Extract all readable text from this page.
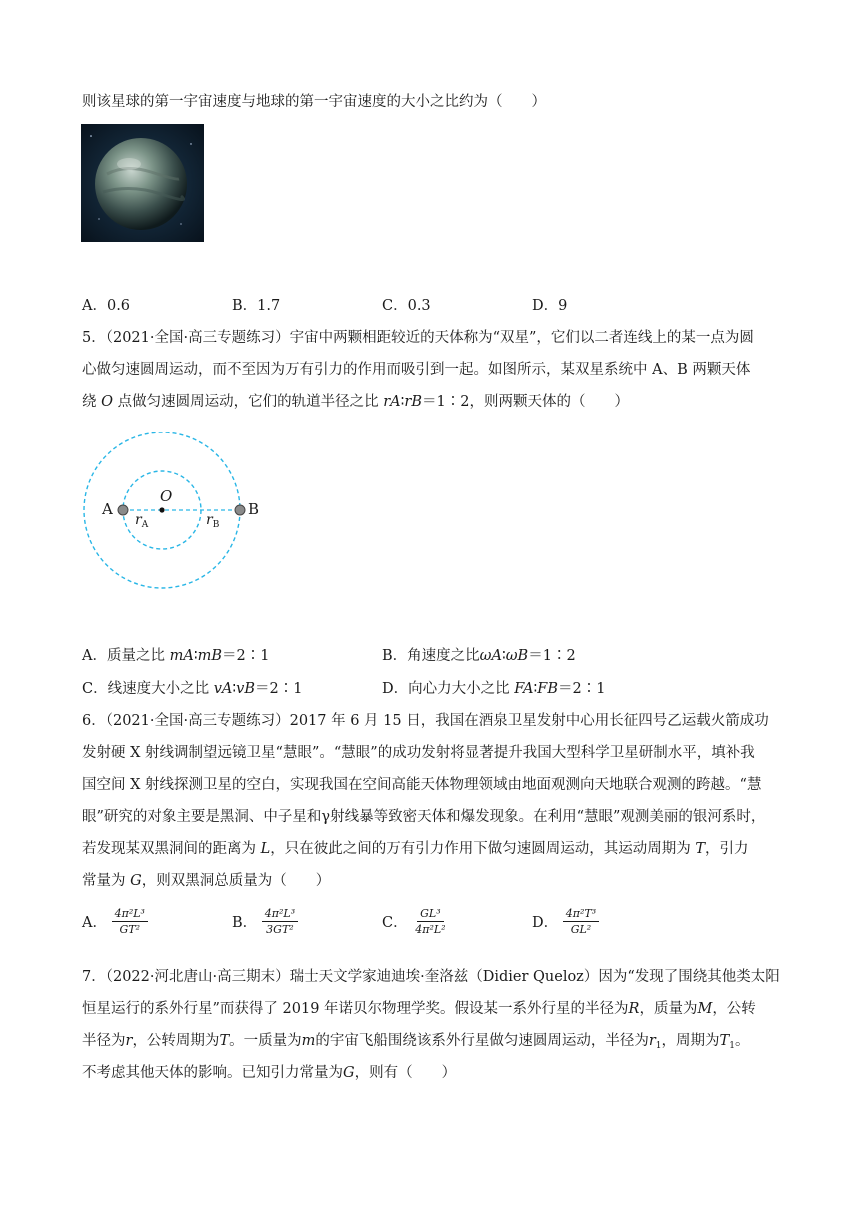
则该星球的第一宇宙速度与地球的第一宇宙速度的大小之比约为（　　）
A．0.6	B．1.7	C．0.3	D．9
5．（2021·全国·高三专题练习）宇宙中两颗相距较近的天体称为“双星”，它们以二者连线上的某一点为圆
心做匀速圆周运动，而不至因为万有引力的作用而吸引到一起。如图所示，某双星系统中 A、B 两颗天体
绕 O 点做匀速圆周运动，它们的轨道半径之比 rA∶rB＝1∶2，则两颗天体的（　　）
A	B
O
$r_A$	$r_B$
A．质量之比 mA∶mB＝2∶1	B．角速度之比ωA∶ωB＝1∶2
C．线速度大小之比 vA∶vB＝2∶1	D．向心力大小之比 FA∶FB＝2∶1
6．（2021·全国·高三专题练习）2017 年 6 月 15 日，我国在酒泉卫星发射中心用长征四号乙运载火箭成功
发射硬 X 射线调制望远镜卫星“慧眼”。“慧眼”的成功发射将显著提升我国大型科学卫星研制水平，填补我
国空间 X 射线探测卫星的空白，实现我国在空间高能天体物理领域由地面观测向天地联合观测的跨越。“慧
眼”研究的对象主要是黑洞、中子星和γ射线暴等致密天体和爆发现象。在利用“慧眼”观测美丽的银河系时，
若发现某双黑洞间的距离为 L，只在彼此之间的万有引力作用下做匀速圆周运动，其运动周期为 T，引力
常量为 G，则双黑洞总质量为（　　）
A． $\frac{\text{4π²L³}}{\text{GT²}}$	B． $\frac{\text{4π²L³}}{\text{3GT²}}$	C． $\frac{\text{GL³}}{\text{4π²L²}}$	D． $\frac{\text{4π²T³}}{\text{GL²}}$
7．（2022·河北唐山·高三期末）瑞士天文学家迪迪埃·奎洛兹（Didier Queloz）因为“发现了围绕其他类太阳
恒星运行的系外行星”而获得了 2019 年诺贝尔物理学奖。假设某一系外行星的半径为R，质量为M，公转
半径为r，公转周期为T。一质量为m的宇宙飞船围绕该系外行星做匀速圆周运动，半径为$r_1$，周期为$T_1$。
不考虑其他天体的影响。已知引力常量为G，则有（　　）
